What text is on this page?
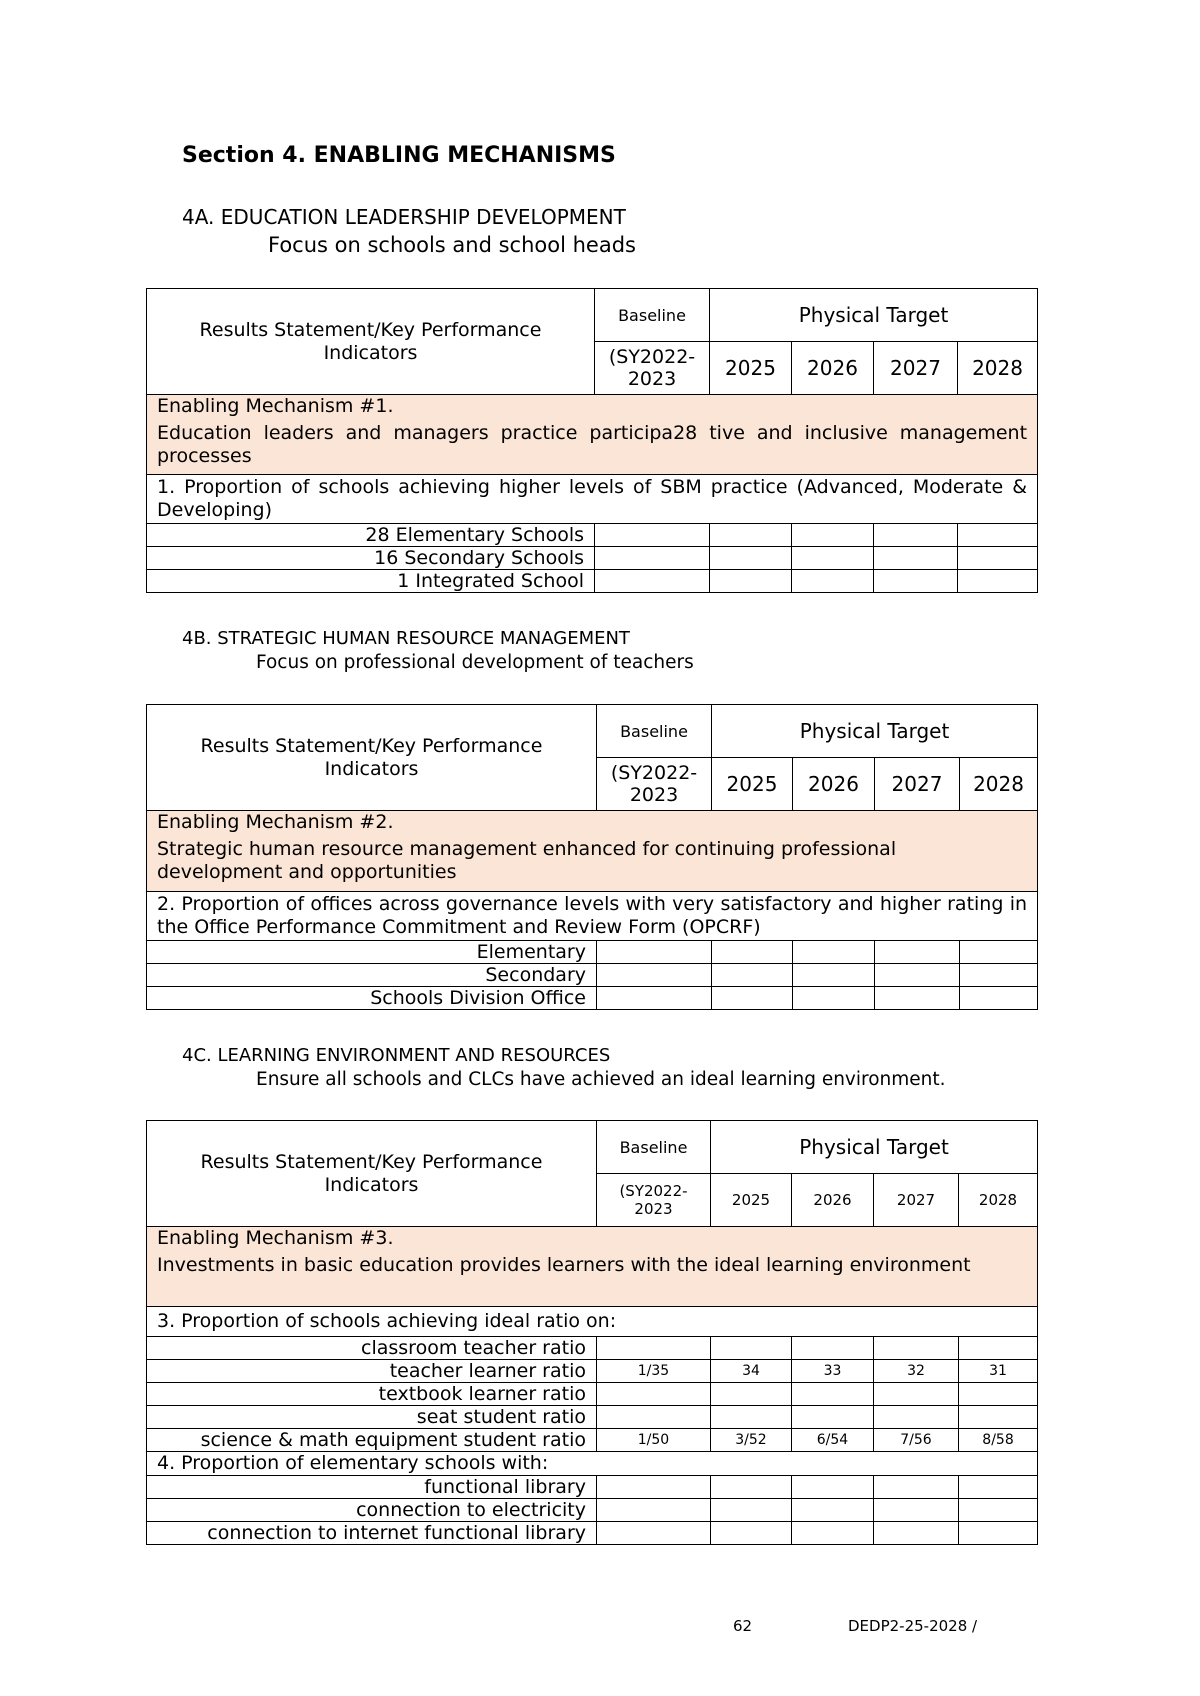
Section 4. ENABLING MECHANISMS
4A. EDUCATION LEADERSHIP DEVELOPMENT
Focus on schools and school heads
Results Statement/Key Performance Indicators	Baseline	Physical Target			
	(SY2022-2023	2025	2026	2027	2028

Enabling Mechanism #1.
Education leaders and managers practice participa28 tive and inclusive management processes					

1. Proportion of schools achieving higher levels of SBM practice (Advanced, Moderate & Developing)					
28 Elementary Schools					
16 Secondary Schools					
1 Integrated School					
4B. STRATEGIC HUMAN RESOURCE MANAGEMENT
Focus on professional development of teachers
Results Statement/Key Performance Indicators	Baseline	Physical Target			
	(SY2022-2023	2025	2026	2027	2028

Enabling Mechanism #2.
Strategic human resource management enhanced for continuing professional development and opportunities					

2. Proportion of offices across governance levels with very satisfactory and higher rating in the Office Performance Commitment and Review Form (OPCRF)					
Elementary					
Secondary					
Schools Division Office					
4C. LEARNING ENVIRONMENT AND RESOURCES
Ensure all schools and CLCs have achieved an ideal learning environment.
Results Statement/Key Performance Indicators	Baseline	Physical Target			
	(SY2022-2023	2025	2026	2027	2028

Enabling Mechanism #3.
Investments in basic education provides learners with the ideal learning environment					

3. Proportion of schools achieving ideal ratio on:					
classroom teacher ratio					
teacher learner ratio	1/35	34	33	32	31
textbook learner ratio					
seat student ratio					
science & math equipment student ratio	1/50	3/52	6/54	7/56	8/58
4. Proportion of elementary schools with:					
functional library					
connection to electricity					
connection to internet functional library					
62	DEDP2-25-2028 /
